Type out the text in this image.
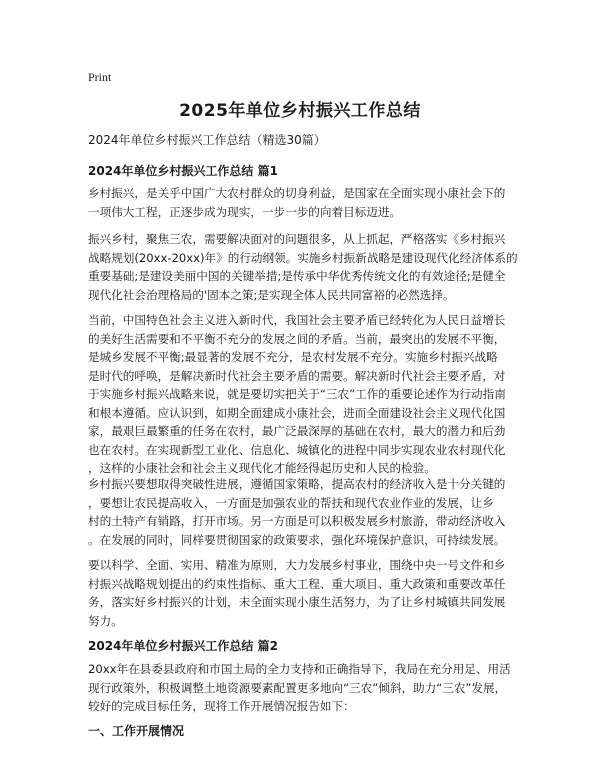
Print
2025年单位乡村振兴工作总结

2024年单位乡村振兴工作总结（精选30篇）

2024年单位乡村振兴工作总结 篇1

乡村振兴，是关乎中国广大农村群众的切身利益，是国家在全面实现小康社会下的
一项伟大工程，正逐步成为现实，一步一步的向着目标迈进。

振兴乡村，聚焦三农，需要解决面对的问题很多，从上抓起，严格落实《乡村振兴
战略规划(20xx-20xx)年》的行动纲领。实施乡村振新战略是建设现代化经济体系的
重要基础;是建设美丽中国的关键举措;是传承中华优秀传统文化的有效途径;是健全
现代化社会治理格局的'固本之策;是实现全体人民共同富裕的必然选择。

当前，中国特色社会主义进入新时代，我国社会主要矛盾已经转化为人民日益增长
的美好生活需要和不平衡不充分的发展之间的矛盾。当前，最突出的发展不平衡，
是城乡发展不平衡;最显著的发展不充分，是农村发展不充分。实施乡村振兴战略
是时代的呼唤，是解决新时代社会主要矛盾的需要。解决新时代社会主要矛盾，对
于实施乡村振兴战略来说，就是要切实把关于“三农”工作的重要论述作为行动指南
和根本遵循。应认识到，如期全面建成小康社会，进而全面建设社会主义现代化国
家，最艰巨最繁重的任务在农村，最广泛最深厚的基础在农村，最大的潜力和后劲
也在农村。在实现新型工业化、信息化、城镇化的进程中同步实现农业农村现代化
，这样的小康社会和社会主义现代化才能经得起历史和人民的检验。

乡村振兴要想取得突破性进展，遵循国家策略，提高农村的经济收入是十分关键的
，要想让农民提高收入，一方面是加强农业的帮扶和现代农业作业的发展，让乡
村的土特产有销路，打开市场。另一方面是可以积极发展乡村旅游，带动经济收入
。在发展的同时，同样要贯彻国家的政策要求，强化环境保护意识，可持续发展。

要以科学、全面、实用、精准为原则，大力发展乡村事业，围绕中央一号文件和乡
村振兴战略规划提出的约束性指标、重大工程、重大项目、重大政策和重要改革任
务，落实好乡村振兴的计划，未全面实现小康生活努力，为了让乡村城镇共同发展
努力。

2024年单位乡村振兴工作总结 篇2

20xx年在县委县政府和市国土局的全力支持和正确指导下，我局在充分用足、用活
现行政策外，积极调整土地资源要素配置更多地向“三农”倾斜，助力“三农”发展，
较好的完成目标任务，现将工作开展情况报告如下：

一、工作开展情况
